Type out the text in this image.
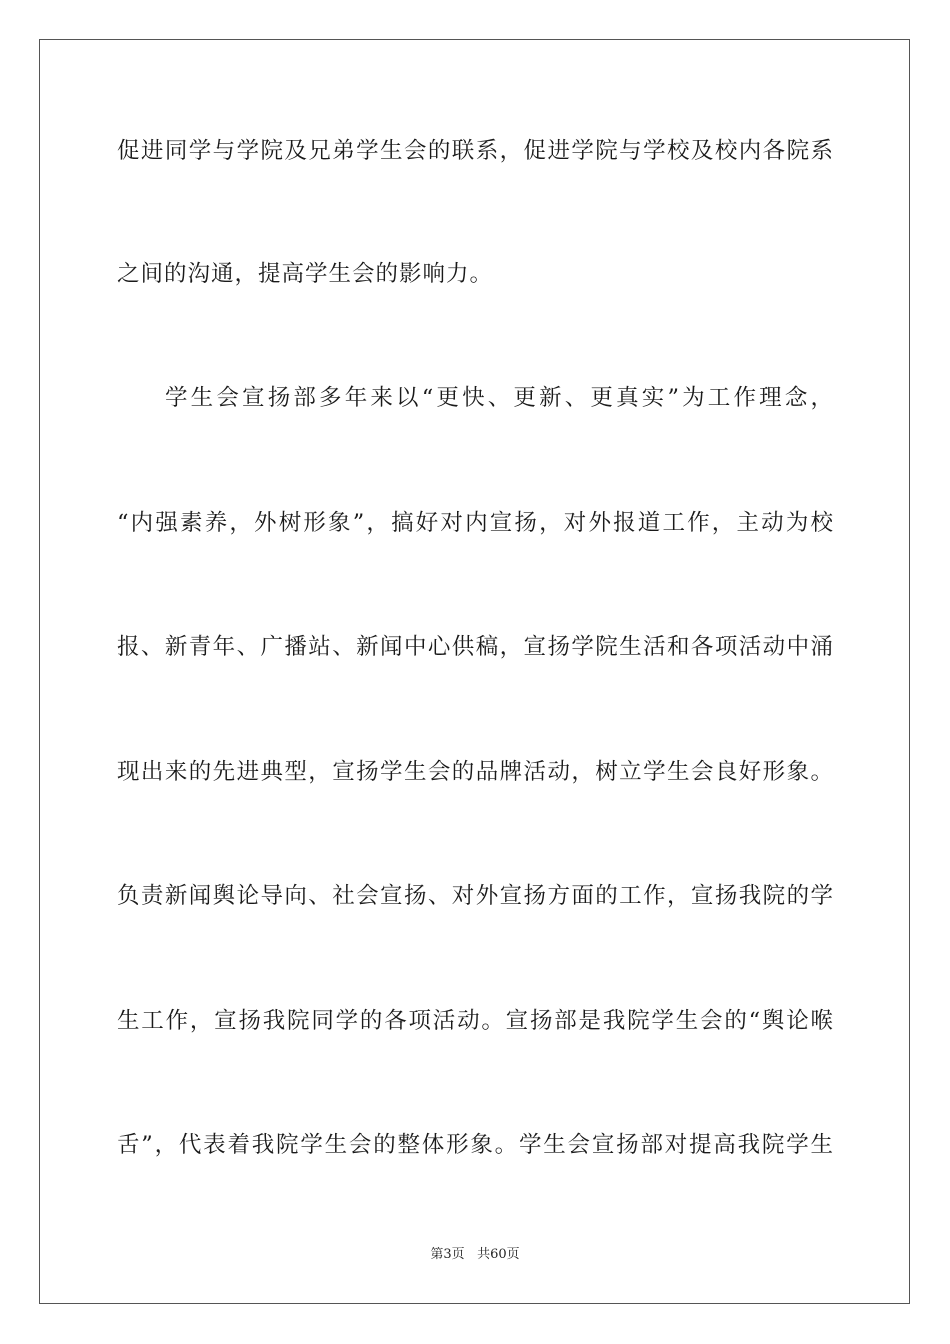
促进同学与学院及兄弟学生会的联系，促进学院与学校及校内各院系
之间的沟通，提高学生会的影响力。
学生会宣扬部多年来以“更快、更新、更真实”为工作理念，
“内强素养，外树形象”，搞好对内宣扬，对外报道工作，主动为校
报、新青年、广播站、新闻中心供稿，宣扬学院生活和各项活动中涌
现出来的先进典型，宣扬学生会的品牌活动，树立学生会良好形象。
负责新闻舆论导向、社会宣扬、对外宣扬方面的工作，宣扬我院的学
生工作，宣扬我院同学的各项活动。宣扬部是我院学生会的“舆论喉
舌”，代表着我院学生会的整体形象。学生会宣扬部对提高我院学生
第3页 共60页
